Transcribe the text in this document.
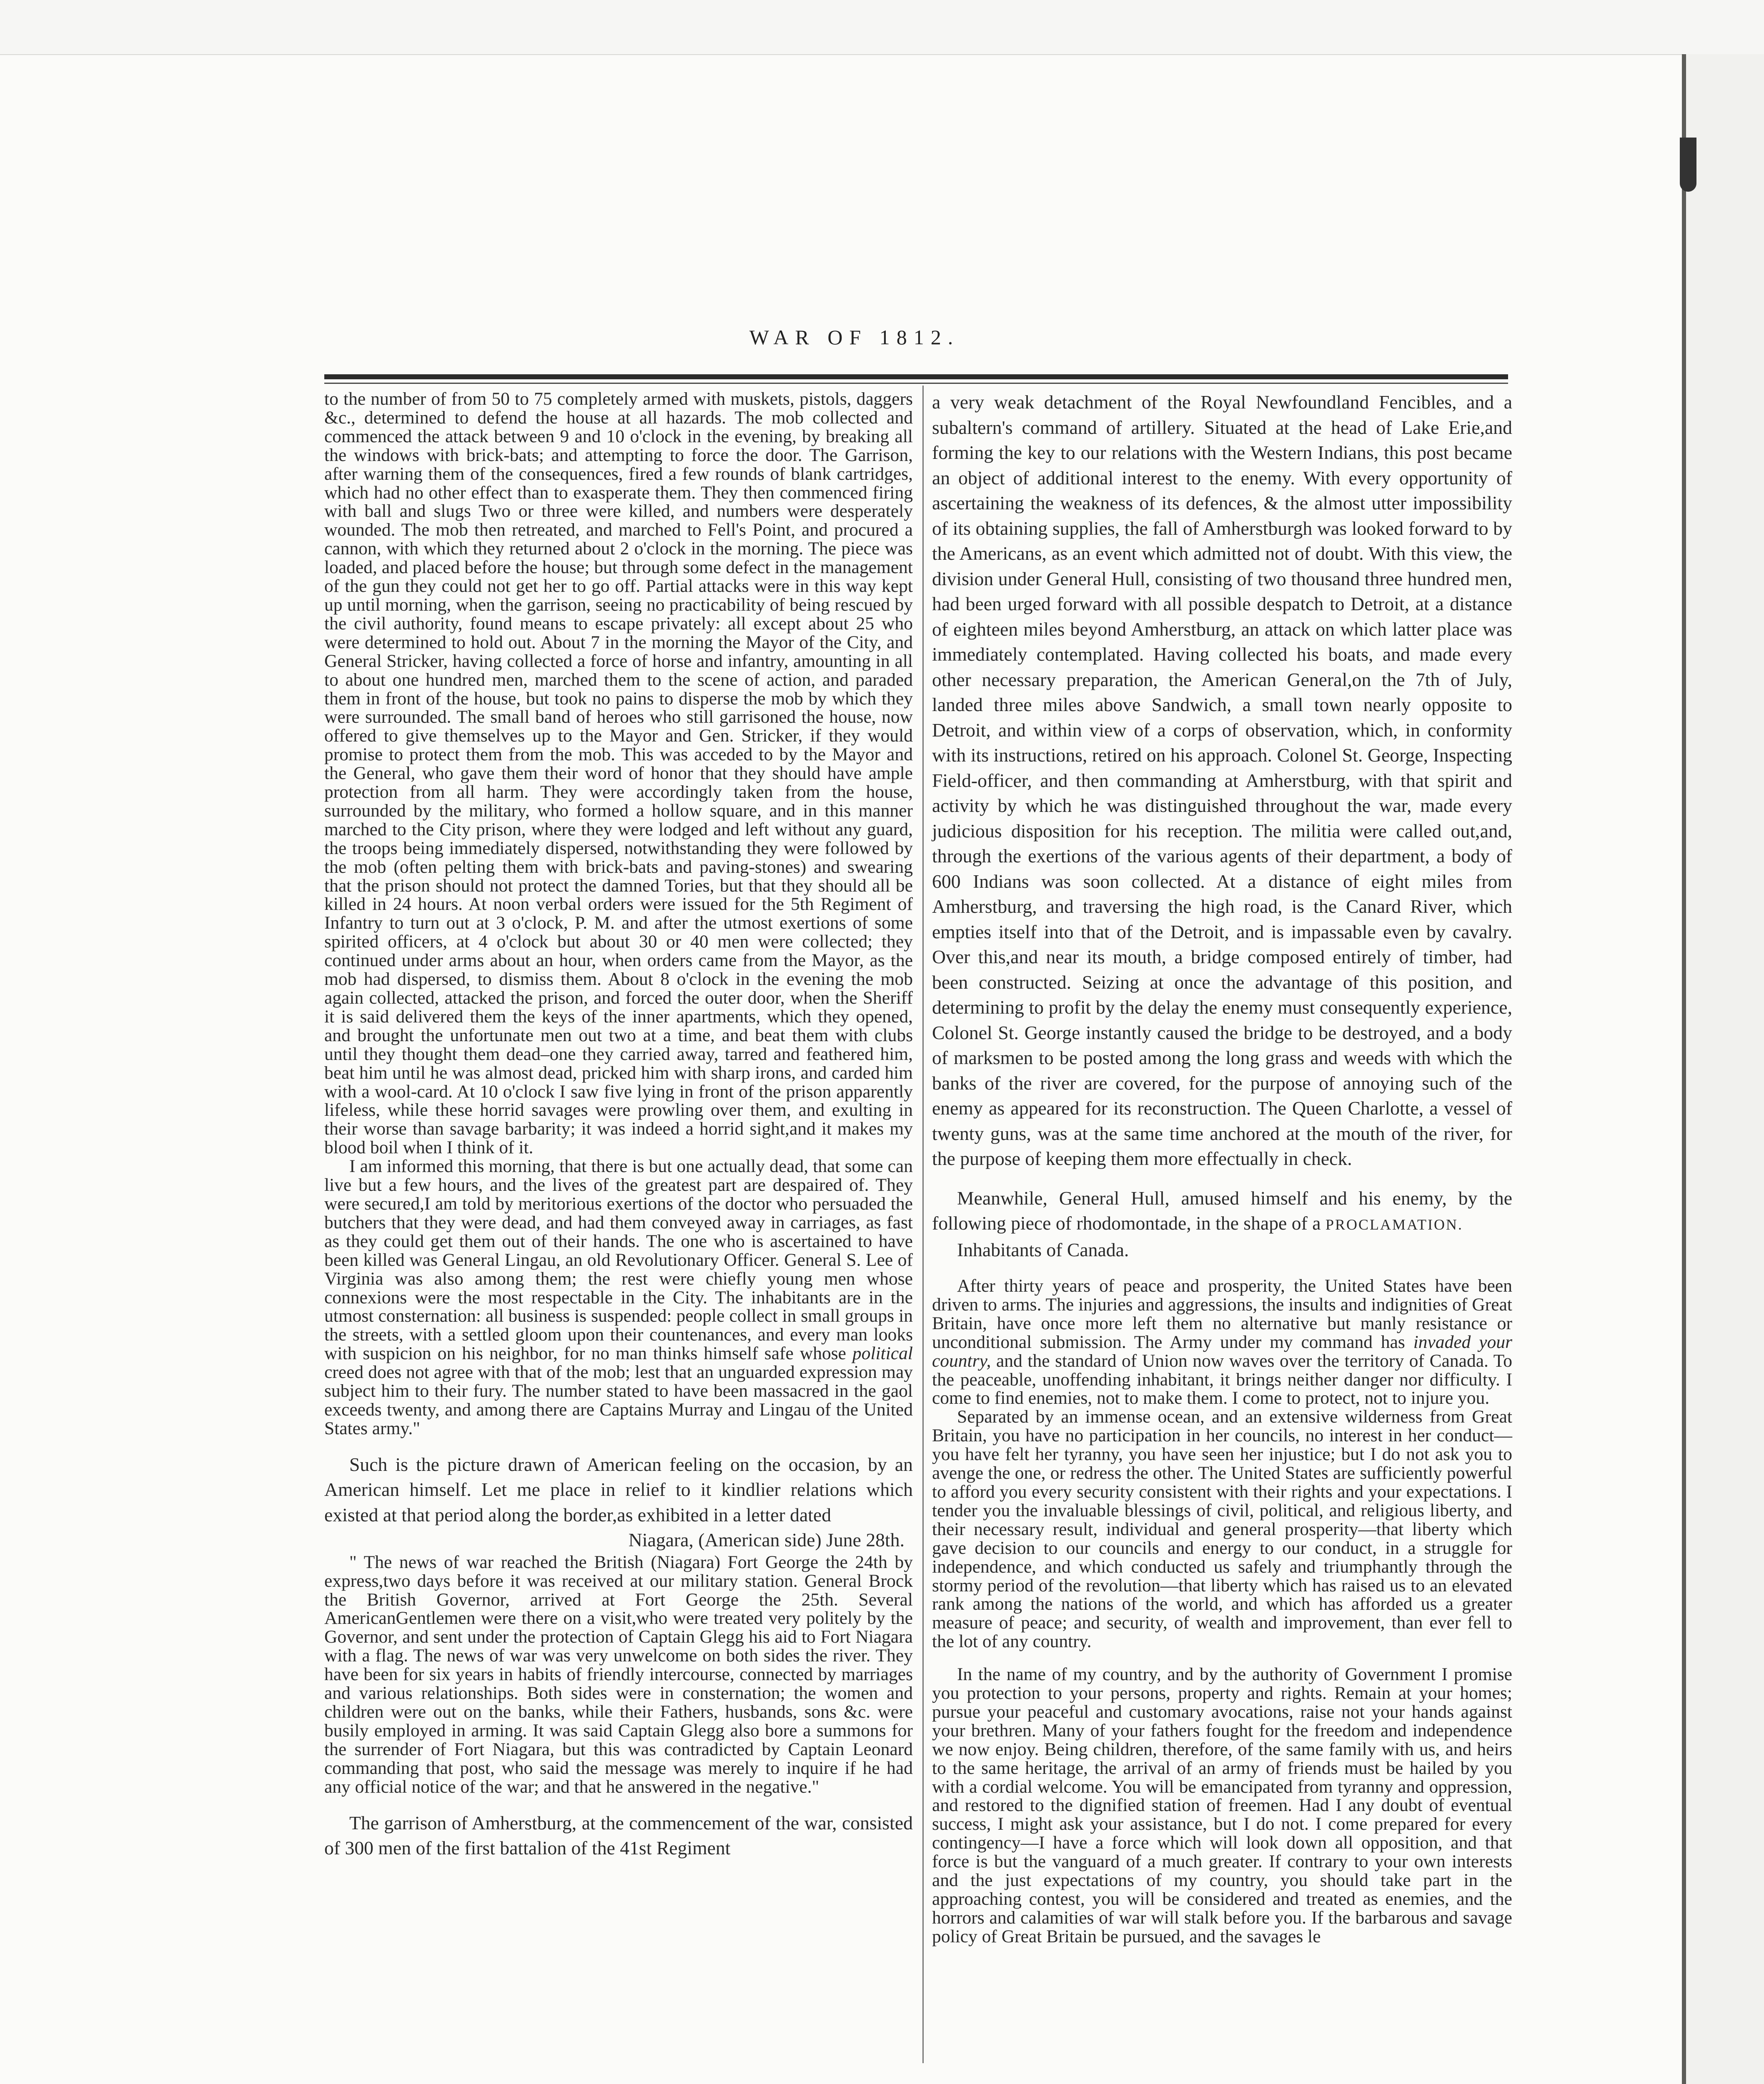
WAR OF 1812.

to the number of from 50 to 75 completely armed with muskets, pistols, daggers &c., determined to defend the house at all hazards. The mob collected and commenced the attack between 9 and 10 o'clock in the evening, by breaking all the windows with brick-bats; and attempting to force the door. The Garrison, after warning them of the consequences, fired a few rounds of blank cartridges, which had no other effect than to exasperate them. They then commenced firing with ball and slugs Two or three were killed, and numbers were desperately wounded. The mob then retreated, and marched to Fell's Point, and procured a cannon, with which they returned about 2 o'clock in the morning. The piece was loaded, and placed before the house; but through some defect in the management of the gun they could not get her to go off. Partial attacks were in this way kept up until morning, when the garrison, seeing no practicability of being rescued by the civil authority, found means to escape privately: all except about 25 who were determined to hold out. About 7 in the morning the Mayor of the City, and General Stricker, having collected a force of horse and infantry, amounting in all to about one hundred men, marched them to the scene of action, and paraded them in front of the house, but took no pains to disperse the mob by which they were surrounded. The small band of heroes who still garrisoned the house, now offered to give themselves up to the Mayor and Gen. Stricker, if they would promise to protect them from the mob. This was acceded to by the Mayor and the General, who gave them their word of honor that they should have ample protection from all harm. They were accordingly taken from the house, surrounded by the military, who formed a hollow square, and in this manner marched to the City prison, where they were lodged and left without any guard, the troops being immediately dispersed, notwithstanding they were followed by the mob (often pelting them with brick-bats and paving-stones) and swearing that the prison should not protect the damned Tories, but that they should all be killed in 24 hours. At noon verbal orders were issued for the 5th Regiment of Infantry to turn out at 3 o'clock, P. M. and after the utmost exertions of some spirited officers, at 4 o'clock but about 30 or 40 men were collected; they continued under arms about an hour, when orders came from the Mayor, as the mob had dispersed, to dismiss them. About 8 o'clock in the evening the mob again collected, attacked the prison, and forced the outer door, when the Sheriff it is said delivered them the keys of the inner apartments, which they opened, and brought the unfortunate men out two at a time, and beat them with clubs until they thought them dead–one they carried away, tarred and feathered him, beat him until he was almost dead, pricked him with sharp irons, and carded him with a wool-card. At 10 o'clock I saw five lying in front of the prison apparently lifeless, while these horrid savages were prowling over them, and exulting in their worse than savage barbarity; it was indeed a horrid sight,and it makes my blood boil when I think of it.

I am informed this morning, that there is but one actually dead, that some can live but a few hours, and the lives of the greatest part are despaired of. They were secured,I am told by meritorious exertions of the doctor who persuaded the butchers that they were dead, and had them conveyed away in carriages, as fast as they could get them out of their hands. The one who is ascertained to have been killed was General Lingau, an old Revolutionary Officer. General S. Lee of Virginia was also among them; the rest were chiefly young men whose connexions were the most respectable in the City. The inhabitants are in the utmost consternation: all business is suspended: people collect in small groups in the streets, with a settled gloom upon their countenances, and every man looks with suspicion on his neighbor, for no man thinks himself safe whose political creed does not agree with that of the mob; lest that an unguarded expression may subject him to their fury. The number stated to have been massacred in the gaol exceeds twenty, and among there are Captains Murray and Lingau of the United States army."

Such is the picture drawn of American feeling on the occasion, by an American himself. Let me place in relief to it kindlier relations which existed at that period along the border,as exhibited in a letter dated

Niagara, (American side) June 28th.

" The news of war reached the British (Niagara) Fort George the 24th by express,two days before it was received at our military station. General Brock the British Governor, arrived at Fort George the 25th. Several AmericanGentlemen were there on a visit,who were treated very politely by the Governor, and sent under the protection of Captain Glegg his aid to Fort Niagara with a flag. The news of war was very unwelcome on both sides the river. They have been for six years in habits of friendly intercourse, connected by marriages and various relationships. Both sides were in consternation; the women and children were out on the banks, while their Fathers, husbands, sons &c. were busily employed in arming. It was said Captain Glegg also bore a summons for the surrender of Fort Niagara, but this was contradicted by Captain Leonard commanding that post, who said the message was merely to inquire if he had any official notice of the war; and that he answered in the negative."

The garrison of Amherstburg, at the commencement of the war, consisted of 300 men of the first battalion of the 41st Regiment

a very weak detachment of the Royal Newfoundland Fencibles, and a subaltern's command of artillery. Situated at the head of Lake Erie,and forming the key to our relations with the Western Indians, this post became an object of additional interest to the enemy. With every opportunity of ascertaining the weakness of its defences, & the almost utter impossibility of its obtaining supplies, the fall of Amherstburgh was looked forward to by the Americans, as an event which admitted not of doubt. With this view, the division under General Hull, consisting of two thousand three hundred men, had been urged forward with all possible despatch to Detroit, at a distance of eighteen miles beyond Amherstburg, an attack on which latter place was immediately contemplated. Having collected his boats, and made every other necessary preparation, the American General,on the 7th of July, landed three miles above Sandwich, a small town nearly opposite to Detroit, and within view of a corps of observation, which, in conformity with its instructions, retired on his approach. Colonel St. George, Inspecting Field-officer, and then commanding at Amherstburg, with that spirit and activity by which he was distinguished throughout the war, made every judicious disposition for his reception. The militia were called out,and, through the exertions of the various agents of their department, a body of 600 Indians was soon collected. At a distance of eight miles from Amherstburg, and traversing the high road, is the Canard River, which empties itself into that of the Detroit, and is impassable even by cavalry. Over this,and near its mouth, a bridge composed entirely of timber, had been constructed. Seizing at once the advantage of this position, and determining to profit by the delay the enemy must consequently experience, Colonel St. George instantly caused the bridge to be destroyed, and a body of marksmen to be posted among the long grass and weeds with which the banks of the river are covered, for the purpose of annoying such of the enemy as appeared for its reconstruction. The Queen Charlotte, a vessel of twenty guns, was at the same time anchored at the mouth of the river, for the purpose of keeping them more effectually in check.

Meanwhile, General Hull, amused himself and his enemy, by the following piece of rhodomontade, in the shape of a PROCLAMATION.

Inhabitants of Canada.

After thirty years of peace and prosperity, the United States have been driven to arms. The injuries and aggressions, the insults and indignities of Great Britain, have once more left them no alternative but manly resistance or unconditional submission. The Army under my command has invaded your country, and the standard of Union now waves over the territory of Canada. To the peaceable, unoffending inhabitant, it brings neither danger nor difficulty. I come to find enemies, not to make them. I come to protect, not to injure you.

Separated by an immense ocean, and an extensive wilderness from Great Britain, you have no participation in her councils, no interest in her conduct—you have felt her tyranny, you have seen her injustice; but I do not ask you to avenge the one, or redress the other. The United States are sufficiently powerful to afford you every security consistent with their rights and your expectations. I tender you the invaluable blessings of civil, political, and religious liberty, and their necessary result, individual and general prosperity—that liberty which gave decision to our councils and energy to our conduct, in a struggle for independence, and which conducted us safely and triumphantly through the stormy period of the revolution—that liberty which has raised us to an elevated rank among the nations of the world, and which has afforded us a greater measure of peace; and security, of wealth and improvement, than ever fell to the lot of any country.

In the name of my country, and by the authority of Government I promise you protection to your persons, property and rights. Remain at your homes; pursue your peaceful and customary avocations, raise not your hands against your brethren. Many of your fathers fought for the freedom and independence we now enjoy. Being children, therefore, of the same family with us, and heirs to the same heritage, the arrival of an army of friends must be hailed by you with a cordial welcome. You will be emancipated from tyranny and oppression, and restored to the dignified station of freemen. Had I any doubt of eventual success, I might ask your assistance, but I do not. I come prepared for every contingency—I have a force which will look down all opposition, and that force is but the vanguard of a much greater. If contrary to your own interests and the just expectations of my country, you should take part in the approaching contest, you will be considered and treated as enemies, and the horrors and calamities of war will stalk before you. If the barbarous and savage policy of Great Britain be pursued, and the savages le
